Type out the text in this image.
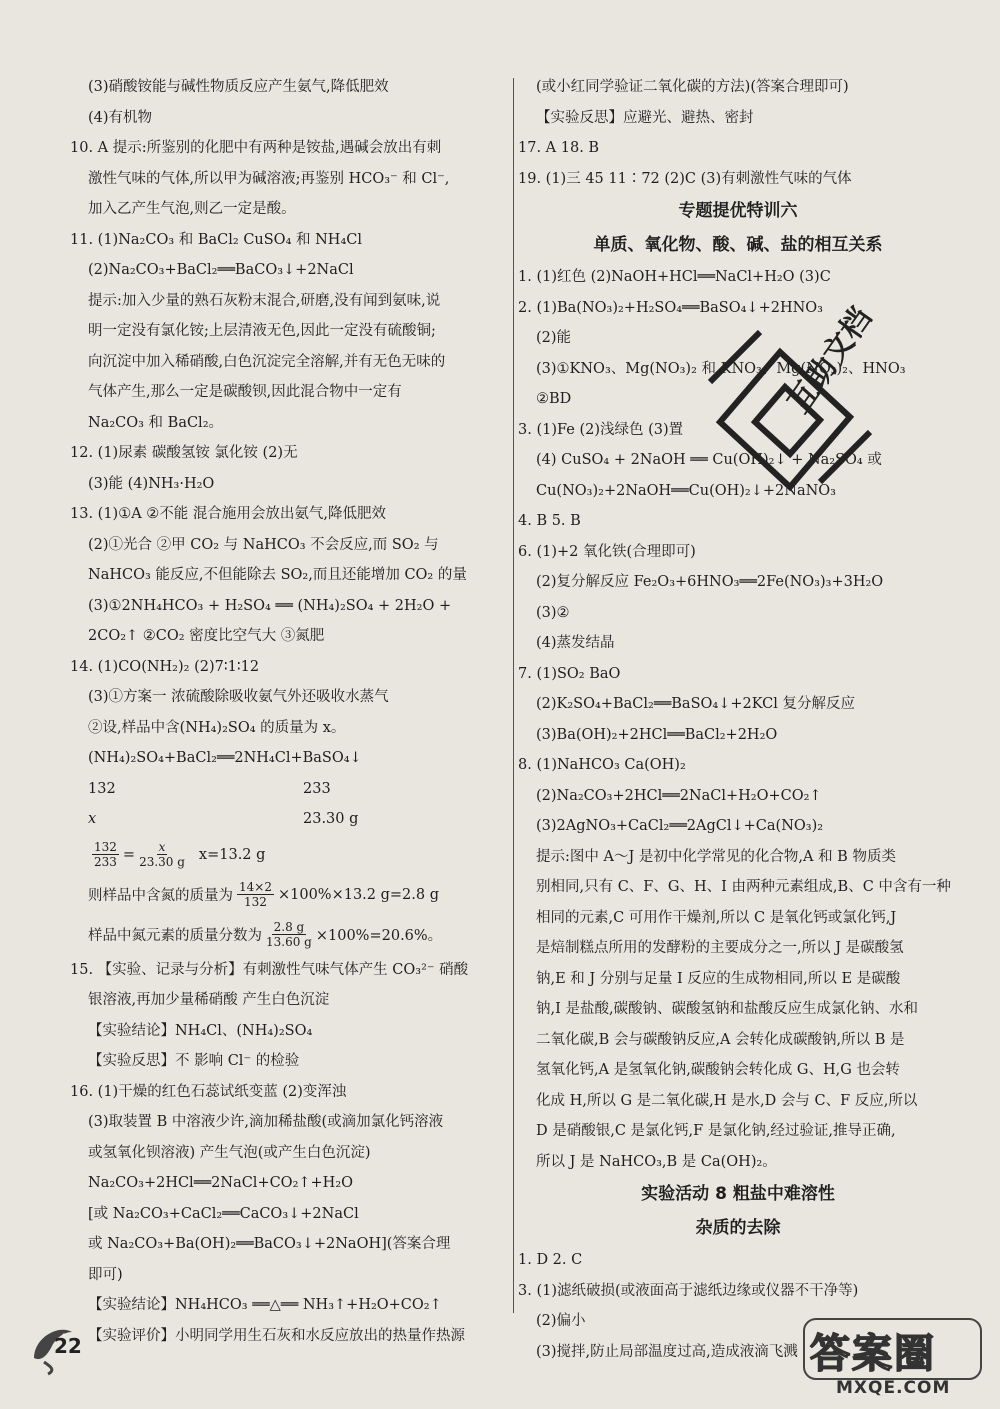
(3)硝酸铵能与碱性物质反应产生氨气,降低肥效
(4)有机物
10. A 提示:所鉴别的化肥中有两种是铵盐,遇碱会放出有刺
激性气味的气体,所以甲为碱溶液;再鉴别 HCO₃⁻ 和 Cl⁻,
加入乙产生气泡,则乙一定是酸。
11. (1)Na₂CO₃ 和 BaCl₂ CuSO₄ 和 NH₄Cl
(2)Na₂CO₃+BaCl₂══BaCO₃↓+2NaCl
提示:加入少量的熟石灰粉末混合,研磨,没有闻到氨味,说
明一定没有氯化铵;上层清液无色,因此一定没有硫酸铜;
向沉淀中加入稀硝酸,白色沉淀完全溶解,并有无色无味的
气体产生,那么一定是碳酸钡,因此混合物中一定有
Na₂CO₃ 和 BaCl₂。
12. (1)尿素 碳酸氢铵 氯化铵 (2)无
(3)能 (4)NH₃·H₂O
13. (1)①A ②不能 混合施用会放出氨气,降低肥效
(2)①光合 ②甲 CO₂ 与 NaHCO₃ 不会反应,而 SO₂ 与
NaHCO₃ 能反应,不但能除去 SO₂,而且还能增加 CO₂ 的量
(3)①2NH₄HCO₃ + H₂SO₄ ══ (NH₄)₂SO₄ + 2H₂O +
2CO₂↑ ②CO₂ 密度比空气大 ③氮肥
14. (1)CO(NH₂)₂ (2)7∶1∶12
(3)①方案一 浓硫酸除吸收氨气外还吸收水蒸气
②设,样品中含(NH₄)₂SO₄ 的质量为 x。
(NH₄)₂SO₄+BaCl₂══2NH₄Cl+BaSO₄↓
132	233
x	23.30 g
$\frac{132}{233} = \frac{x}{23.30 g} x=13.2$ g
则样品中含氮的质量为 $\frac{14\times 2}{132} \times 100\%\times 13.2$ g=2.8 g
样品中氮元素的质量分数为 $\frac{2.8 g}{13.60 g} \times 100\%=20.6\%$。
15. 【实验、记录与分析】有刺激性气味气体产生 CO₃²⁻ 硝酸
银溶液,再加少量稀硝酸 产生白色沉淀
【实验结论】NH₄Cl、(NH₄)₂SO₄
【实验反思】不 影响 Cl⁻ 的检验
16. (1)干燥的红色石蕊试纸变蓝 (2)变浑浊
(3)取装置 B 中溶液少许,滴加稀盐酸(或滴加氯化钙溶液
或氢氧化钡溶液) 产生气泡(或产生白色沉淀)
Na₂CO₃+2HCl══2NaCl+CO₂↑+H₂O
[或 Na₂CO₃+CaCl₂══CaCO₃↓+2NaCl
或 Na₂CO₃+Ba(OH)₂══BaCO₃↓+2NaOH](答案合理
即可)
【实验结论】NH₄HCO₃ ══△══ NH₃↑+H₂O+CO₂↑
【实验评价】小明同学用生石灰和水反应放出的热量作热源
(或小红同学验证二氧化碳的方法)(答案合理即可)
【实验反思】应避光、避热、密封
17. A 18. B
19. (1)三 45 11∶72 (2)C (3)有刺激性气味的气体
专题提优特训六
单质、氧化物、酸、碱、盐的相互关系
1. (1)红色 (2)NaOH+HCl══NaCl+H₂O (3)C
2. (1)Ba(NO₃)₂+H₂SO₄══BaSO₄↓+2HNO₃
(2)能
(3)①KNO₃、Mg(NO₃)₂ 和 KNO₃、Mg(NO₃)₂、HNO₃
②BD
3. (1)Fe (2)浅绿色 (3)置
(4) CuSO₄ + 2NaOH ══ Cu(OH)₂↓ + Na₂SO₄ 或
Cu(NO₃)₂+2NaOH══Cu(OH)₂↓+2NaNO₃
4. B 5. B
6. (1)+2 氧化铁(合理即可)
(2)复分解反应 Fe₂O₃+6HNO₃══2Fe(NO₃)₃+3H₂O
(3)②
(4)蒸发结晶
7. (1)SO₂ BaO
(2)K₂SO₄+BaCl₂══BaSO₄↓+2KCl 复分解反应
(3)Ba(OH)₂+2HCl══BaCl₂+2H₂O
8. (1)NaHCO₃ Ca(OH)₂
(2)Na₂CO₃+2HCl══2NaCl+H₂O+CO₂↑
(3)2AgNO₃+CaCl₂══2AgCl↓+Ca(NO₃)₂
提示:图中 A～J 是初中化学常见的化合物,A 和 B 物质类
别相同,只有 C、F、G、H、I 由两种元素组成,B、C 中含有一种
相同的元素,C 可用作干燥剂,所以 C 是氧化钙或氯化钙,J
是焙制糕点所用的发酵粉的主要成分之一,所以 J 是碳酸氢
钠,E 和 J 分别与足量 I 反应的生成物相同,所以 E 是碳酸
钠,I 是盐酸,碳酸钠、碳酸氢钠和盐酸反应生成氯化钠、水和
二氧化碳,B 会与碳酸钠反应,A 会转化成碳酸钠,所以 B 是
氢氧化钙,A 是氢氧化钠,碳酸钠会转化成 G、H,G 也会转
化成 H,所以 G 是二氧化碳,H 是水,D 会与 C、F 反应,所以
D 是硝酸银,C 是氯化钙,F 是氯化钠,经过验证,推导正确,
所以 J 是 NaHCO₃,B 是 Ca(OH)₂。
实验活动 8 粗盐中难溶性
杂质的去除
1. D 2. C
3. (1)滤纸破损(或液面高于滤纸边缘或仪器不干净等)
(2)偏小
(3)搅拌,防止局部温度过高,造成液滴飞溅
互助文档
22	答案圈
MXQE.COM
